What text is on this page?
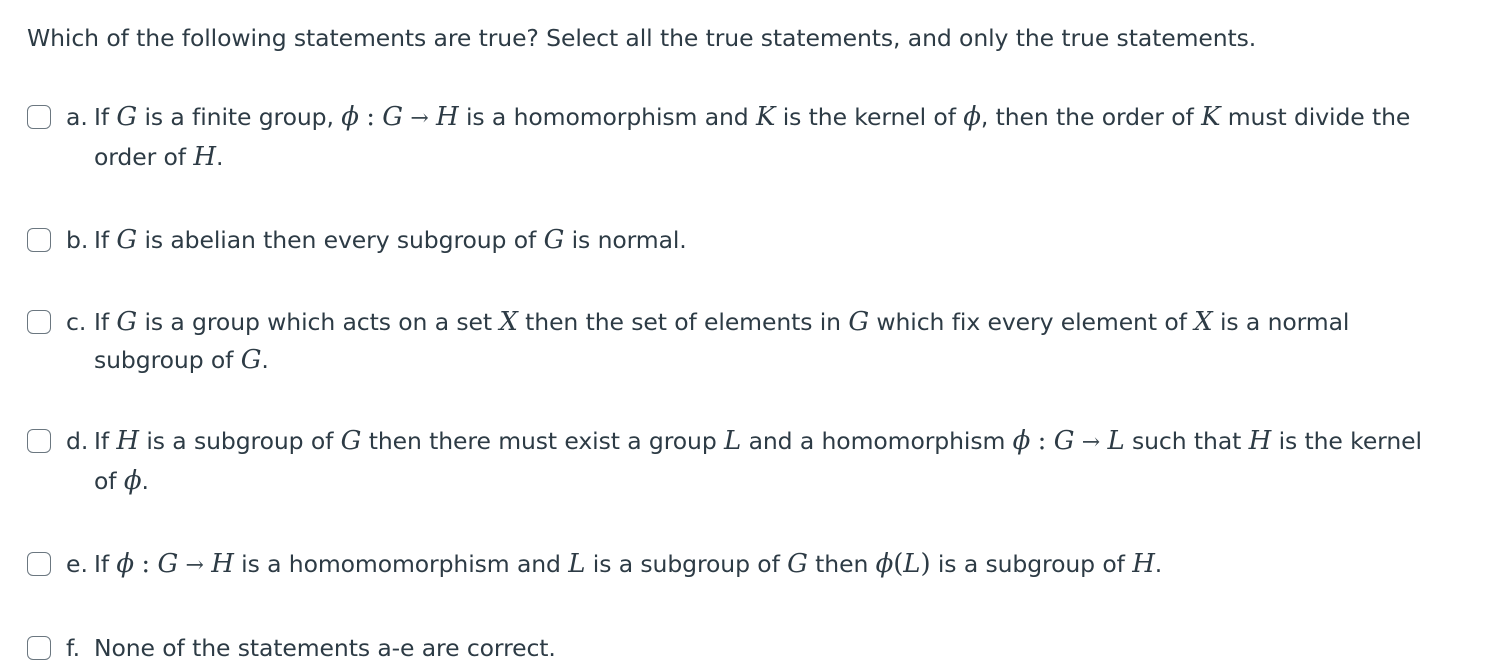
Which of the following statements are true? Select all the true statements, and only the true statements.
a. If G is a finite group, ϕ : G → H is a homomorphism and K is the kernel of ϕ, then the order of K must divide the order of H.
b. If G is abelian then every subgroup of G is normal.
c. If G is a group which acts on a set X then the set of elements in G which fix every element of X is a normal subgroup of G.
d. If H is a subgroup of G then there must exist a group L and a homomorphism ϕ : G → L such that H is the kernel of ϕ.
e. If ϕ : G → H is a homomomorphism and L is a subgroup of G then ϕ(L) is a subgroup of H.
f. None of the statements a-e are correct.
